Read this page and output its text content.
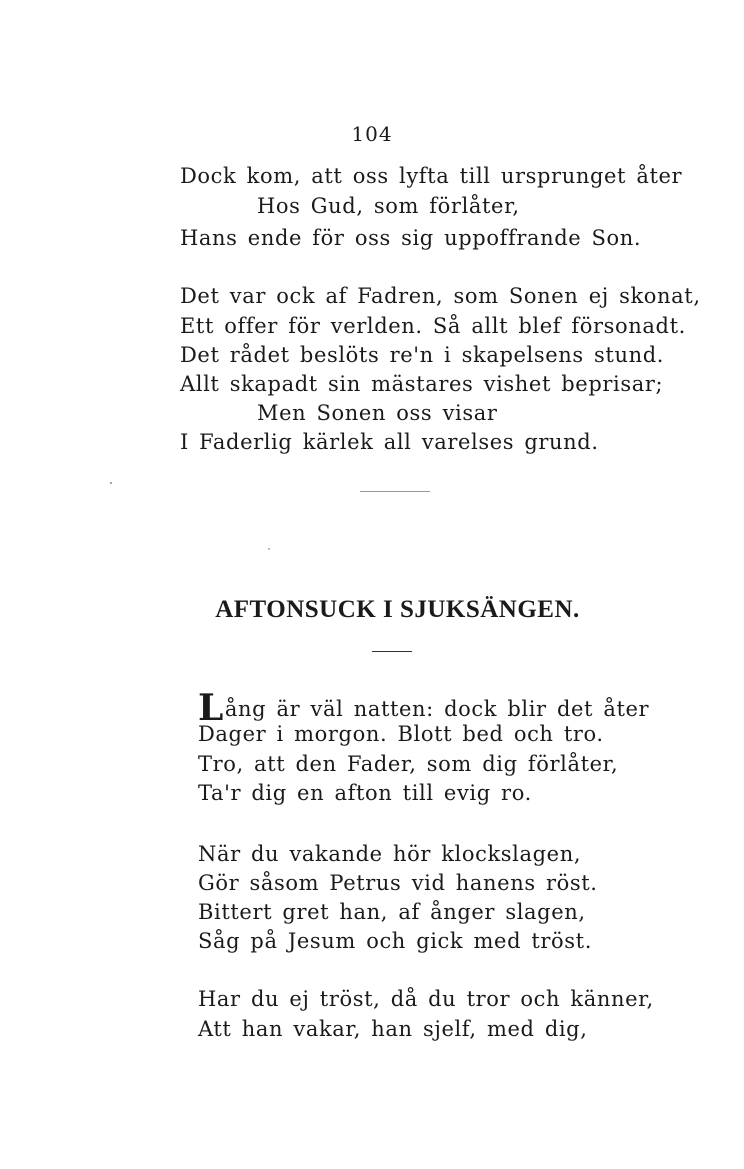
104
Dock kom, att oss lyfta till ursprunget åter
Hos Gud, som förlåter,
Hans ende för oss sig uppoffrande Son.
Det var ock af Fadren, som Sonen ej skonat,
Ett offer för verlden. Så allt blef försonadt.
Det rådet beslöts re'n i skapelsens stund.
Allt skapadt sin mästares vishet beprisar;
Men Sonen oss visar
I Faderlig kärlek all varelses grund.
AFTONSUCK I SJUKSÄNGEN.
Lång är väl natten: dock blir det åter
Dager i morgon. Blott bed och tro.
Tro, att den Fader, som dig förlåter,
Ta'r dig en afton till evig ro.
När du vakande hör klockslagen,
Gör såsom Petrus vid hanens röst.
Bittert gret han, af ånger slagen,
Såg på Jesum och gick med tröst.
Har du ej tröst, då du tror och känner,
Att han vakar, han sjelf, med dig,
